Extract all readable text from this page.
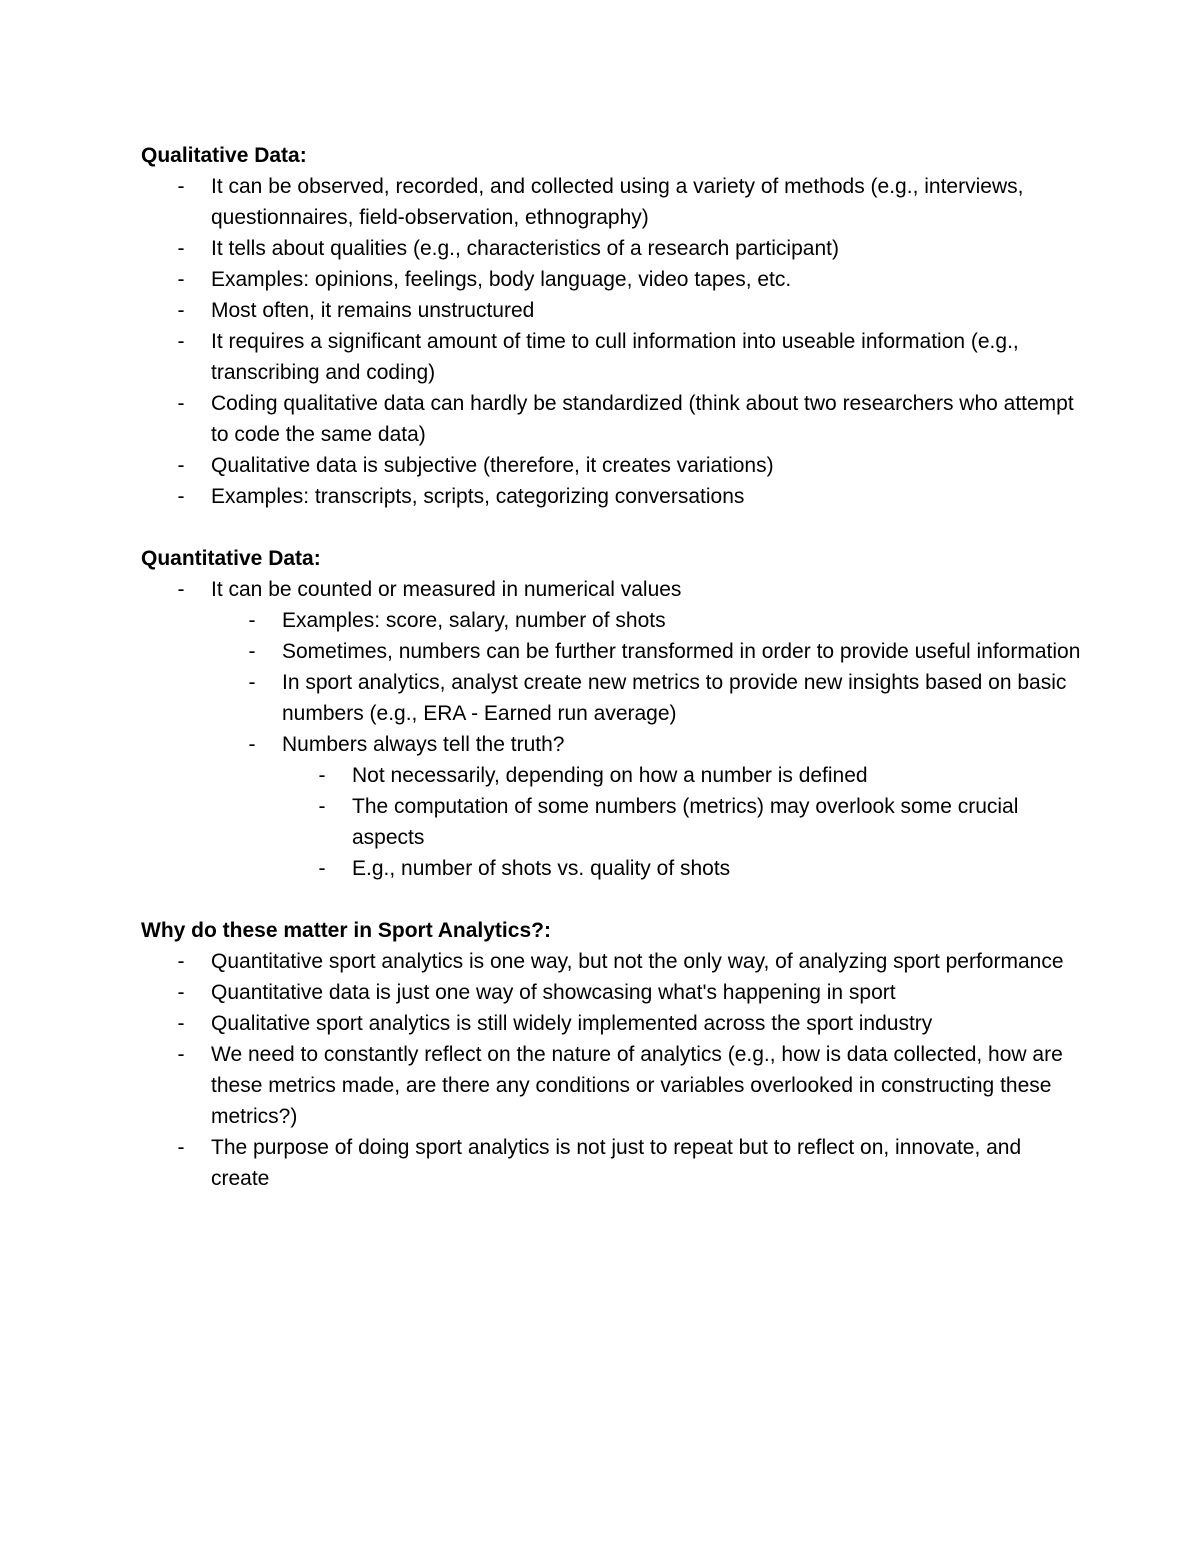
Qualitative Data:
-	It can be observed, recorded, and collected using a variety of methods (e.g., interviews, questionnaires, field-observation, ethnography)
-	It tells about qualities (e.g., characteristics of a research participant)
-	Examples: opinions, feelings, body language, video tapes, etc.
-	Most often, it remains unstructured
-	It requires a significant amount of time to cull information into useable information (e.g., transcribing and coding)
-	Coding qualitative data can hardly be standardized (think about two researchers who attempt to code the same data)
-	Qualitative data is subjective (therefore, it creates variations)
-	Examples: transcripts, scripts, categorizing conversations
Quantitative Data:
-	It can be counted or measured in numerical values
-	Examples: score, salary, number of shots
-	Sometimes, numbers can be further transformed in order to provide useful information
-	In sport analytics, analyst create new metrics to provide new insights based on basic numbers (e.g., ERA - Earned run average)
-	Numbers always tell the truth?
-	Not necessarily, depending on how a number is defined
-	The computation of some numbers (metrics) may overlook some crucial aspects
-	E.g., number of shots vs. quality of shots
Why do these matter in Sport Analytics?:
-	Quantitative sport analytics is one way, but not the only way, of analyzing sport performance
-	Quantitative data is just one way of showcasing what's happening in sport
-	Qualitative sport analytics is still widely implemented across the sport industry
-	We need to constantly reflect on the nature of analytics (e.g., how is data collected, how are these metrics made, are there any conditions or variables overlooked in constructing these metrics?)
-	The purpose of doing sport analytics is not just to repeat but to reflect on, innovate, and create
